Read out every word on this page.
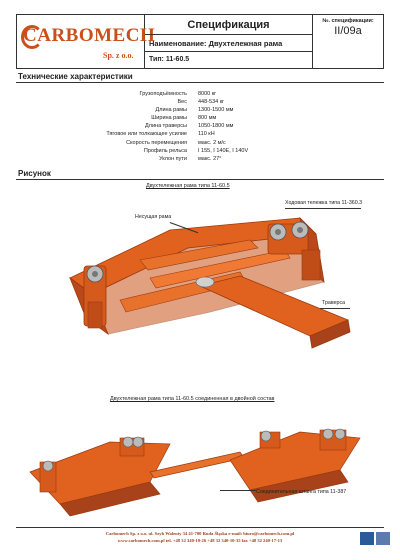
CARBOMECH
Sp. z o.o.
Спецификация
Наименование: Двухтележная рама
Тип: 11-60.5
№. спецификации:
II/09a
Технические характеристики
Грузоподъёмность	8000 кг
Вес	448-534 кг
Длина рамы	1300-1500 мм
Ширина рамы	800 мм
Длина траверсы	1050-1800 мм
Тяговое или толкающее усилие	110 кН
Скорость перемещения	макс. 2 м/с
Профиль рельса	I 155, I 140E, I 140V
Уклон пути	макс. 27°
Рисунок
Двухтележная рама типа 11-60.5
Несущая рама
Ходовая тележка типа 11-360.3
Траверса
Двухтележная рама типа 11-60.5 соединенная в двойной состав
Соединительная штанга типа 11-387
Carbomech Sp. z o.o. ul. Szyb Walenty 34 41-700 Ruda Śląska e-mail: biuro@carbomech.com.pl
www.carbomech.com.pl tel. +48 32 340-10-26 +48 32 340-10-35 fax +48 32 240-17-13
